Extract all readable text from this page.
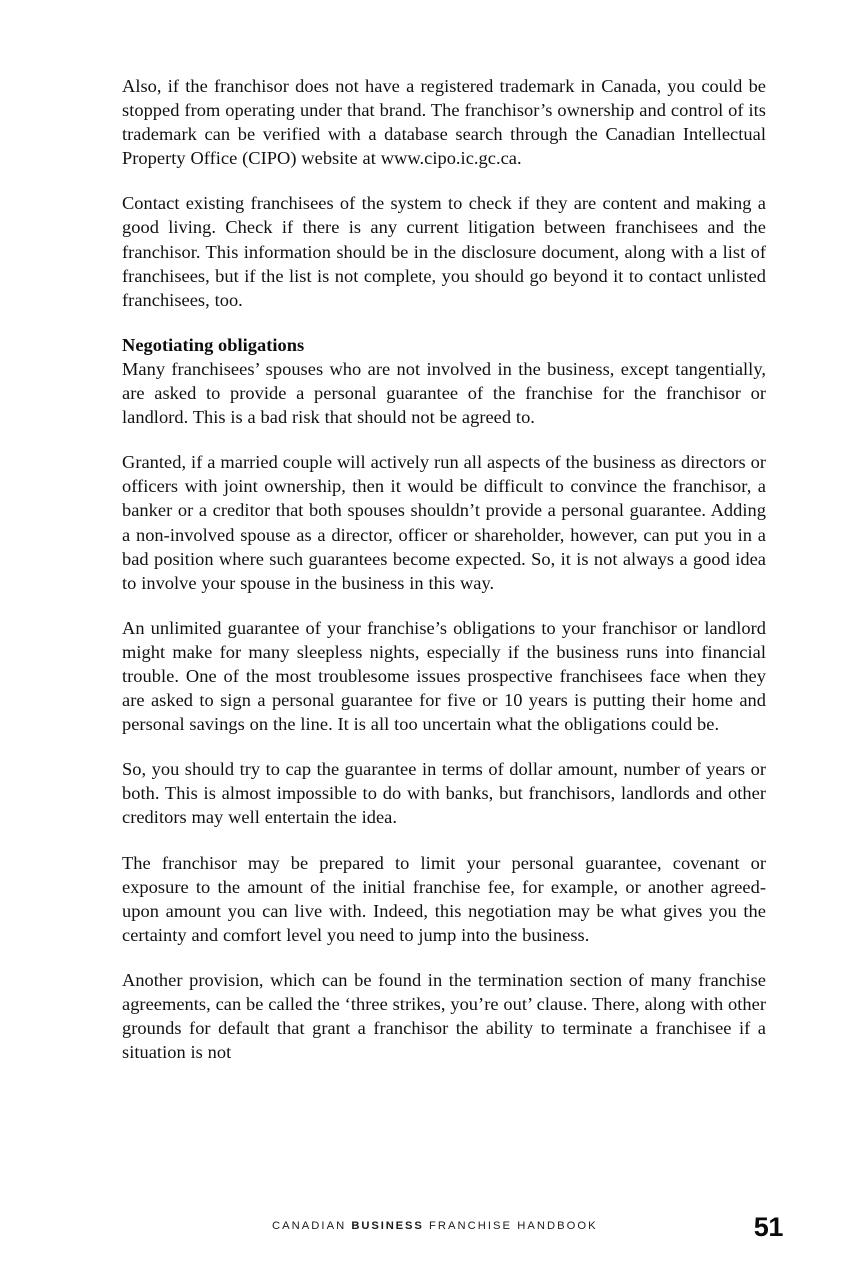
Also, if the franchisor does not have a registered trademark in Canada, you could be stopped from operating under that brand. The franchisor’s ownership and control of its trademark can be verified with a database search through the Canadian Intellectual Property Office (CIPO) website at www.cipo.ic.gc.ca.

Contact existing franchisees of the system to check if they are content and making a good living. Check if there is any current litigation between franchisees and the franchisor. This information should be in the disclosure document, along with a list of franchisees, but if the list is not complete, you should go beyond it to contact unlisted franchisees, too.

Negotiating obligations

Many franchisees’ spouses who are not involved in the business, except tangentially, are asked to provide a personal guarantee of the franchise for the franchisor or landlord. This is a bad risk that should not be agreed to.

Granted, if a married couple will actively run all aspects of the business as directors or officers with joint ownership, then it would be difficult to convince the franchisor, a banker or a creditor that both spouses shouldn’t provide a personal guarantee. Adding a non-involved spouse as a director, officer or shareholder, however, can put you in a bad position where such guarantees become expected. So, it is not always a good idea to involve your spouse in the business in this way.

An unlimited guarantee of your franchise’s obligations to your franchisor or landlord might make for many sleepless nights, especially if the business runs into financial trouble. One of the most troublesome issues prospective franchisees face when they are asked to sign a personal guarantee for five or 10 years is putting their home and personal savings on the line. It is all too uncertain what the obligations could be.

So, you should try to cap the guarantee in terms of dollar amount, number of years or both. This is almost impossible to do with banks, but franchisors, landlords and other creditors may well entertain the idea.

The franchisor may be prepared to limit your personal guarantee, covenant or exposure to the amount of the initial franchise fee, for example, or another agreed-upon amount you can live with. Indeed, this negotiation may be what gives you the certainty and comfort level you need to jump into the business.

Another provision, which can be found in the termination section of many franchise agreements, can be called the ‘three strikes, you’re out’ clause. There, along with other grounds for default that grant a franchisor the ability to terminate a franchisee if a situation is not

CANADIAN BUSINESS FRANCHISE HANDBOOK	51
